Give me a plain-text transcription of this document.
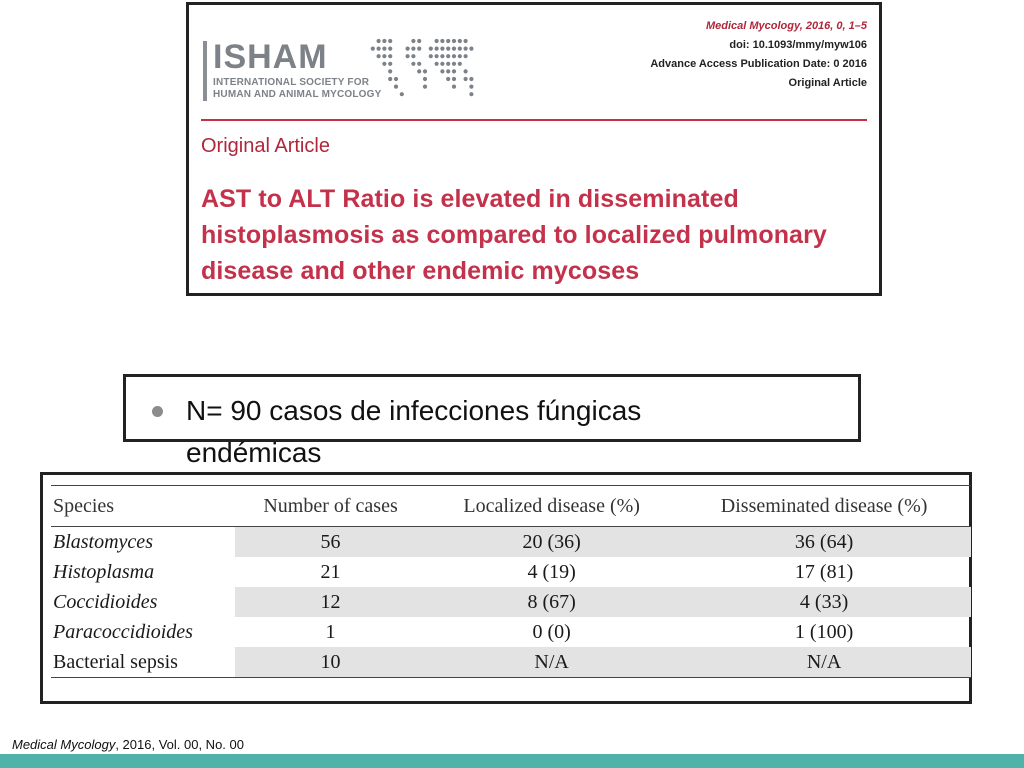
ISHAM
INTERNATIONAL SOCIETY FOR HUMAN AND ANIMAL MYCOLOGY
Medical Mycology, 2016, 0, 1–5
doi: 10.1093/mmy/myw106
Advance Access Publication Date: 0 2016
Original Article
Original Article
AST to ALT Ratio is elevated in disseminated histoplasmosis as compared to localized pulmonary disease and other endemic mycoses
N= 90 casos de infecciones fúngicas endémicas
Species	Number of cases	Localized disease (%)	Disseminated disease (%)
Blastomyces	56	20 (36)	36 (64)
Histoplasma	21	4 (19)	17 (81)
Coccidioides	12	8 (67)	4 (33)
Paracoccidioides	1	0 (0)	1 (100)
Bacterial sepsis	10	N/A	N/A
Medical Mycology, 2016, Vol. 00, No. 00
